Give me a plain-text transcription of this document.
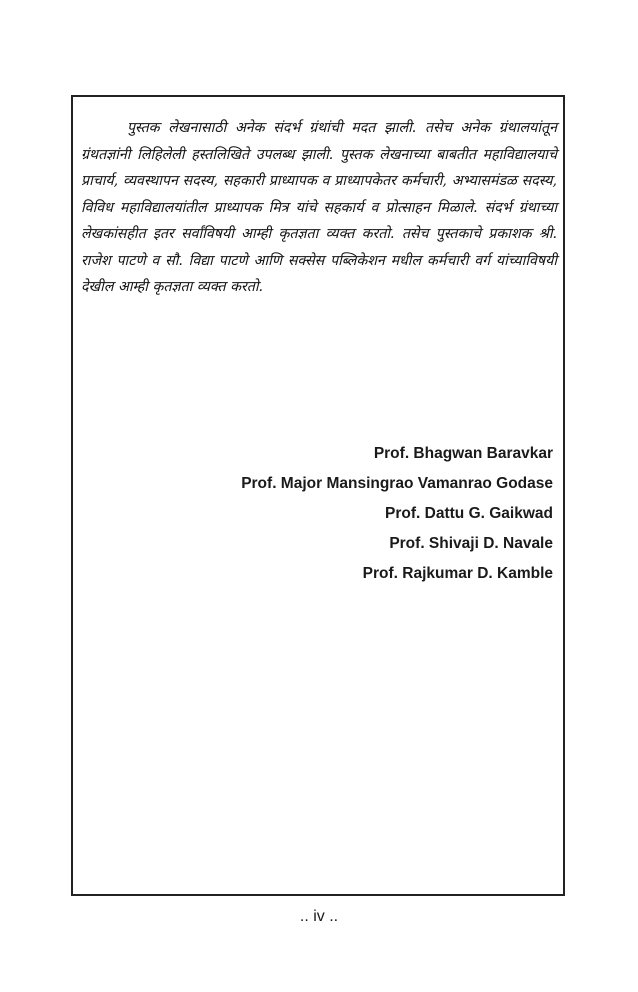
पुस्तक लेखनासाठी अनेक संदर्भ ग्रंथांची मदत झाली. तसेच अनेक ग्रंथालयांतून ग्रंथतज्ञांनी लिहिलेली हस्तलिखिते उपलब्ध झाली. पुस्तक लेखनाच्या बाबतीत महाविद्यालयाचे प्राचार्य, व्यवस्थापन सदस्य, सहकारी प्राध्यापक व प्राध्यापकेतर कर्मचारी, अभ्यासमंडळ सदस्य, विविध महाविद्यालयांतील प्राध्यापक मित्र यांचे सहकार्य व प्रोत्साहन मिळाले. संदर्भ ग्रंथाच्या लेखकांसहीत इतर सर्वांविषयी आम्ही कृतज्ञता व्यक्त करतो. तसेच पुस्तकाचे प्रकाशक श्री. राजेश पाटणे व सौ. विद्या पाटणे आणि सक्सेस पब्लिकेशन मधील कर्मचारी वर्ग यांच्याविषयी देखील आम्ही कृतज्ञता व्यक्त करतो.

Prof. Bhagwan Baravkar
Prof. Major Mansingrao Vamanrao Godase
Prof. Dattu G. Gaikwad
Prof. Shivaji D. Navale
Prof. Rajkumar D. Kamble
.. iv ..
